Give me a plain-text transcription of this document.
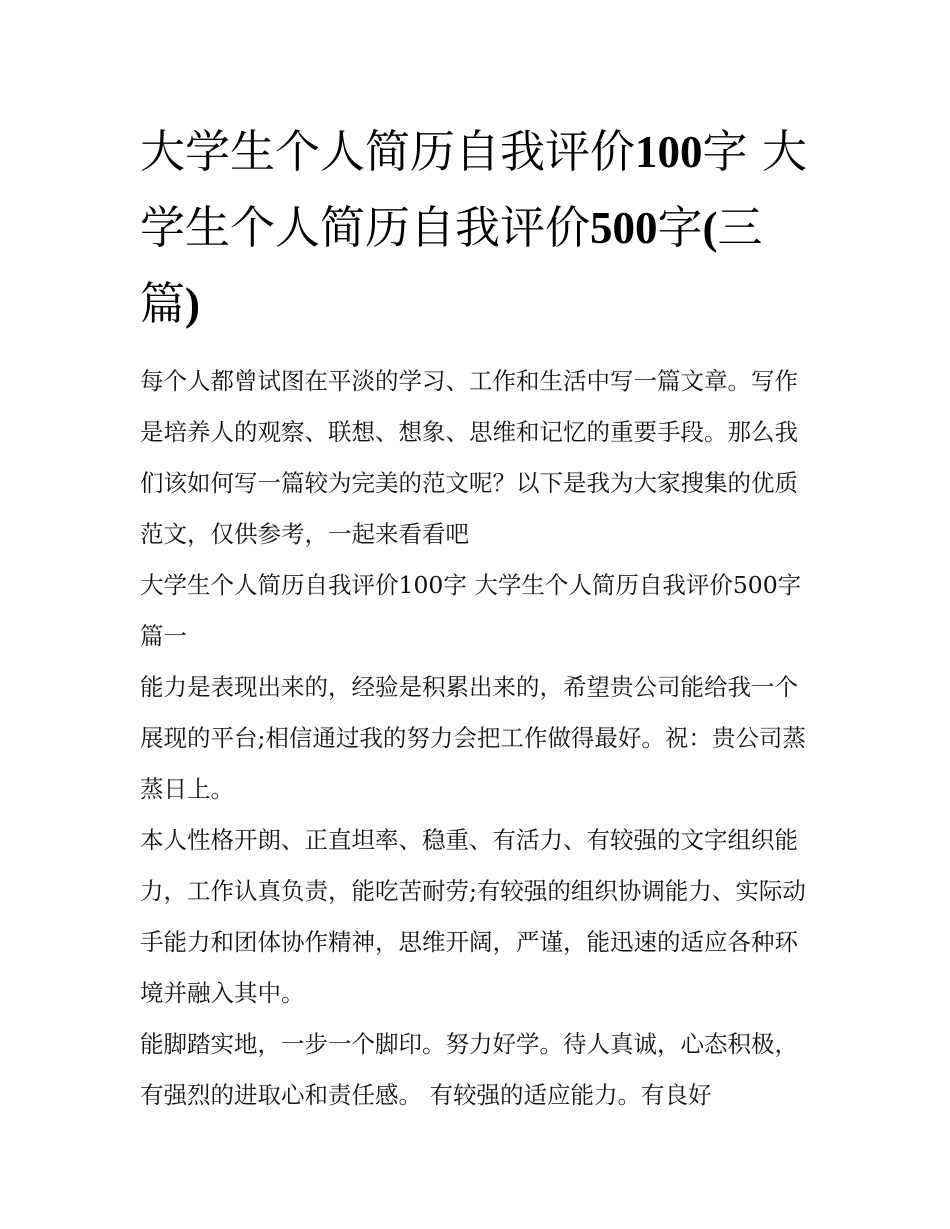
大学生个人简历自我评价100字 大学生个人简历自我评价500字(三篇)

每个人都曾试图在平淡的学习、工作和生活中写一篇文章。写作是培养人的观察、联想、想象、思维和记忆的重要手段。那么我们该如何写一篇较为完美的范文呢？以下是我为大家搜集的优质范文，仅供参考，一起来看看吧

大学生个人简历自我评价100字 大学生个人简历自我评价500字篇一

能力是表现出来的，经验是积累出来的，希望贵公司能给我一个展现的平台;相信通过我的努力会把工作做得最好。祝：贵公司蒸蒸日上。

本人性格开朗、正直坦率、稳重、有活力、有较强的文字组织能力，工作认真负责，能吃苦耐劳;有较强的组织协调能力、实际动手能力和团体协作精神，思维开阔，严谨，能迅速的适应各种环境并融入其中。

能脚踏实地，一步一个脚印。努力好学。待人真诚，心态积极，有强烈的进取心和责任感。 有较强的适应能力。有良好
